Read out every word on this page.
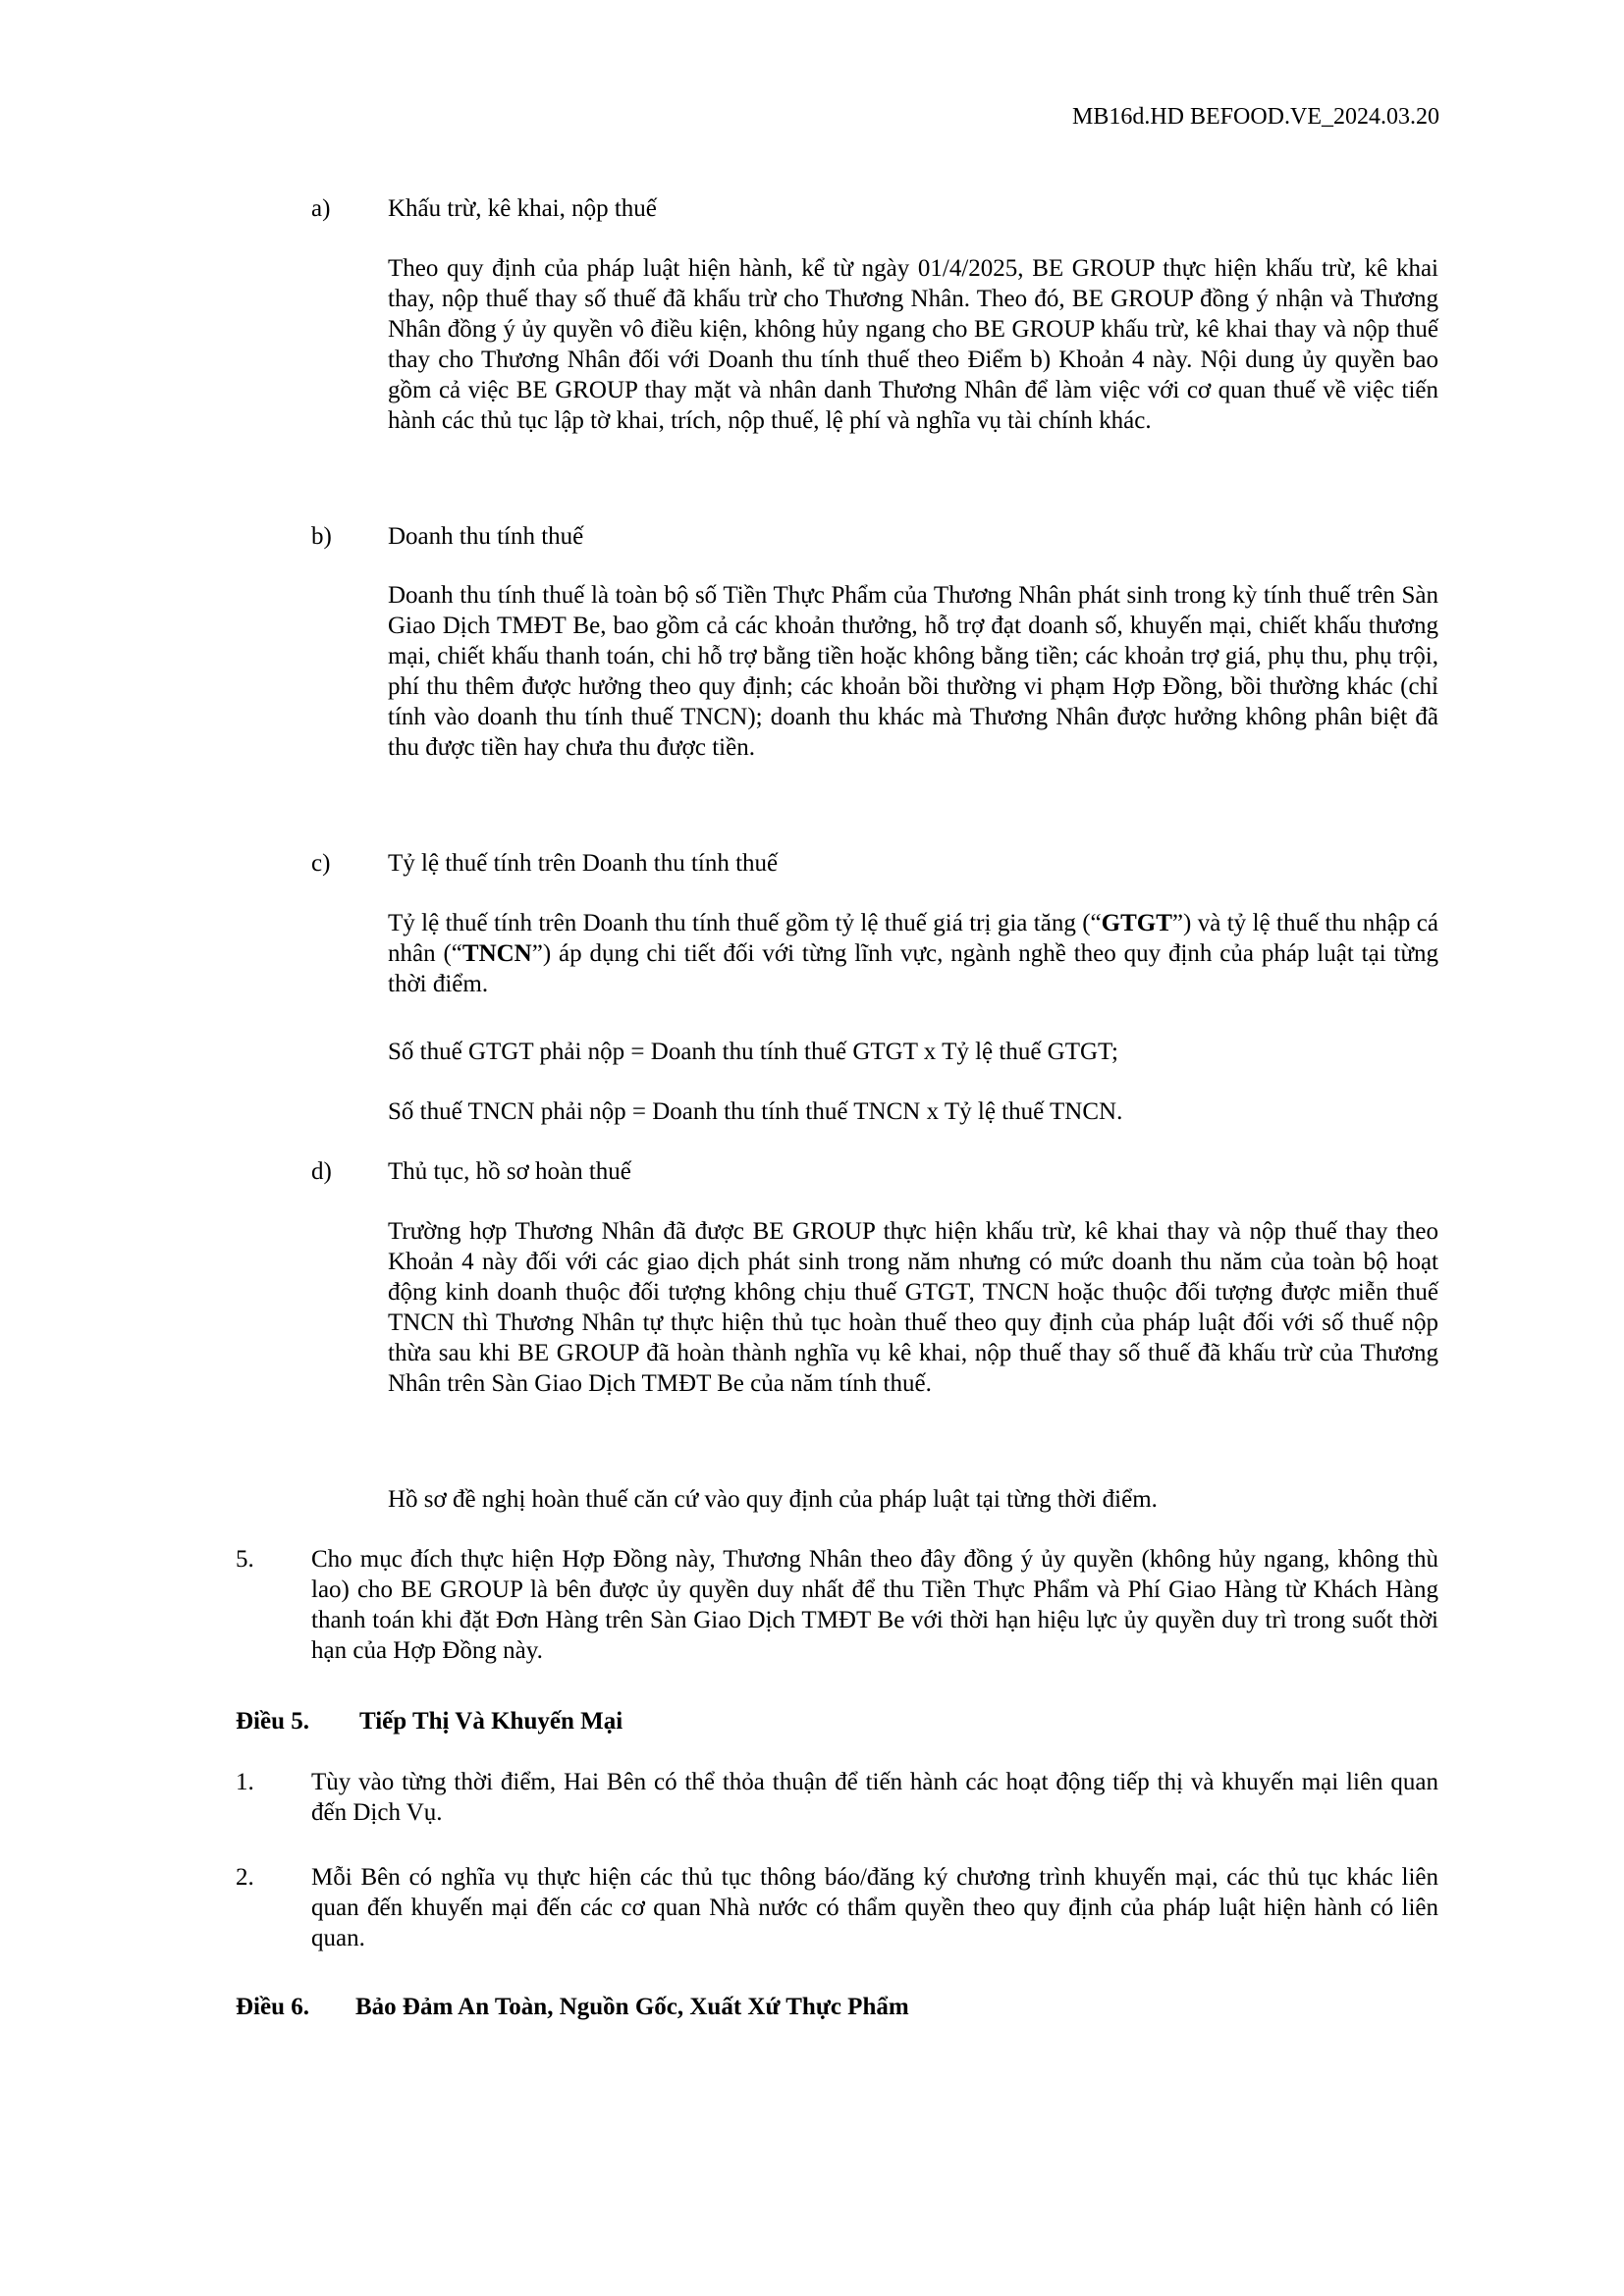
MB16d.HD BEFOOD.VE_2024.03.20
a) Khấu trừ, kê khai, nộp thuế
Theo quy định của pháp luật hiện hành, kể từ ngày 01/4/2025, BE GROUP thực hiện khấu trừ, kê khai thay, nộp thuế thay số thuế đã khấu trừ cho Thương Nhân. Theo đó, BE GROUP đồng ý nhận và Thương Nhân đồng ý ủy quyền vô điều kiện, không hủy ngang cho BE GROUP khấu trừ, kê khai thay và nộp thuế thay cho Thương Nhân đối với Doanh thu tính thuế theo Điểm b) Khoản 4 này. Nội dung ủy quyền bao gồm cả việc BE GROUP thay mặt và nhân danh Thương Nhân để làm việc với cơ quan thuế về việc tiến hành các thủ tục lập tờ khai, trích, nộp thuế, lệ phí và nghĩa vụ tài chính khác.
b) Doanh thu tính thuế
Doanh thu tính thuế là toàn bộ số Tiền Thực Phẩm của Thương Nhân phát sinh trong kỳ tính thuế trên Sàn Giao Dịch TMĐT Be, bao gồm cả các khoản thưởng, hỗ trợ đạt doanh số, khuyến mại, chiết khấu thương mại, chiết khấu thanh toán, chi hỗ trợ bằng tiền hoặc không bằng tiền; các khoản trợ giá, phụ thu, phụ trội, phí thu thêm được hưởng theo quy định; các khoản bồi thường vi phạm Hợp Đồng, bồi thường khác (chỉ tính vào doanh thu tính thuế TNCN); doanh thu khác mà Thương Nhân được hưởng không phân biệt đã thu được tiền hay chưa thu được tiền.
c) Tỷ lệ thuế tính trên Doanh thu tính thuế
Tỷ lệ thuế tính trên Doanh thu tính thuế gồm tỷ lệ thuế giá trị gia tăng (“GTGT”) và tỷ lệ thuế thu nhập cá nhân (“TNCN”) áp dụng chi tiết đối với từng lĩnh vực, ngành nghề theo quy định của pháp luật tại từng thời điểm.
Số thuế GTGT phải nộp = Doanh thu tính thuế GTGT x Tỷ lệ thuế GTGT;
Số thuế TNCN phải nộp = Doanh thu tính thuế TNCN x Tỷ lệ thuế TNCN.
d) Thủ tục, hồ sơ hoàn thuế
Trường hợp Thương Nhân đã được BE GROUP thực hiện khấu trừ, kê khai thay và nộp thuế thay theo Khoản 4 này đối với các giao dịch phát sinh trong năm nhưng có mức doanh thu năm của toàn bộ hoạt động kinh doanh thuộc đối tượng không chịu thuế GTGT, TNCN hoặc thuộc đối tượng được miễn thuế TNCN thì Thương Nhân tự thực hiện thủ tục hoàn thuế theo quy định của pháp luật đối với số thuế nộp thừa sau khi BE GROUP đã hoàn thành nghĩa vụ kê khai, nộp thuế thay số thuế đã khấu trừ của Thương Nhân trên Sàn Giao Dịch TMĐT Be của năm tính thuế.
Hồ sơ đề nghị hoàn thuế căn cứ vào quy định của pháp luật tại từng thời điểm.
5. Cho mục đích thực hiện Hợp Đồng này, Thương Nhân theo đây đồng ý ủy quyền (không hủy ngang, không thù lao) cho BE GROUP là bên được ủy quyền duy nhất để thu Tiền Thực Phẩm và Phí Giao Hàng từ Khách Hàng thanh toán khi đặt Đơn Hàng trên Sàn Giao Dịch TMĐT Be với thời hạn hiệu lực ủy quyền duy trì trong suốt thời hạn của Hợp Đồng này.
Điều 5. Tiếp Thị Và Khuyến Mại
1. Tùy vào từng thời điểm, Hai Bên có thể thỏa thuận để tiến hành các hoạt động tiếp thị và khuyến mại liên quan đến Dịch Vụ.
2. Mỗi Bên có nghĩa vụ thực hiện các thủ tục thông báo/đăng ký chương trình khuyến mại, các thủ tục khác liên quan đến khuyến mại đến các cơ quan Nhà nước có thẩm quyền theo quy định của pháp luật hiện hành có liên quan.
Điều 6. Bảo Đảm An Toàn, Nguồn Gốc, Xuất Xứ Thực Phẩm
